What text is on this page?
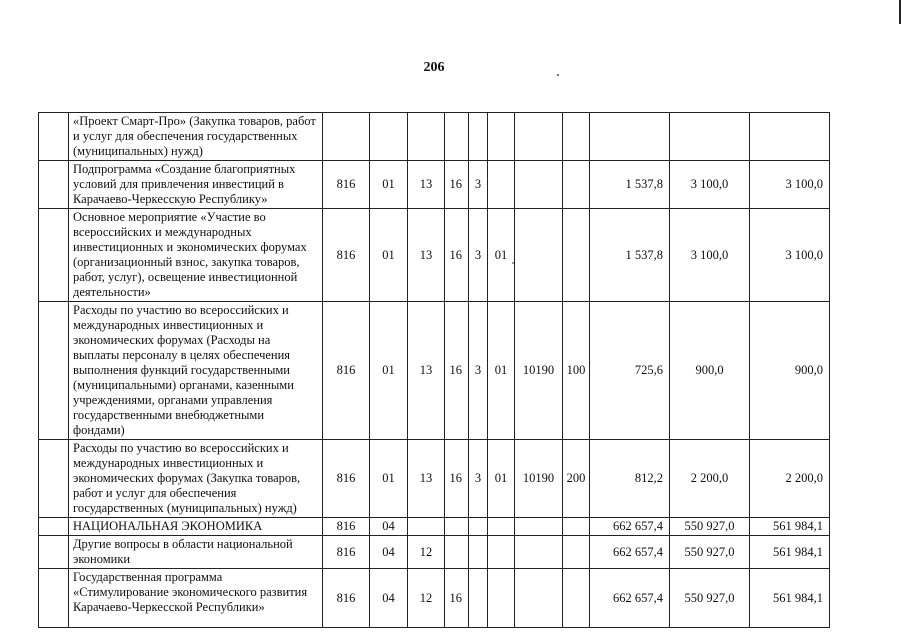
206
	«Проект Смарт-Про» (Закупка товаров, работ и услуг для обеспечения государственных (муниципальных) нужд)											
	Подпрограмма «Создание благоприятных условий для привлечения инвестиций в Карачаево-Черкесскую Республику»	816	01	13	16	3				1 537,8	3 100,0	3 100,0
	Основное мероприятие «Участие во всероссийских и международных инвестиционных и экономических форумах (организационный взнос, закупка товаров, работ, услуг), освещение инвестиционной деятельности»	816	01	13	16	3	01			1 537,8	3 100,0	3 100,0
	Расходы по участию во всероссийских и международных инвестиционных и экономических форумах (Расходы на выплаты персоналу в целях обеспечения выполнения функций государственными (муниципальными) органами, казенными учреждениями, органами управления государственными внебюджетными фондами)	816	01	13	16	3	01	10190	100	725,6	900,0	900,0
	Расходы по участию во всероссийских и международных инвестиционных и экономических форумах (Закупка товаров, работ и услуг для обеспечения государственных (муниципальных) нужд)	816	01	13	16	3	01	10190	200	812,2	2 200,0	2 200,0
	НАЦИОНАЛЬНАЯ ЭКОНОМИКА	816	04							662 657,4	550 927,0	561 984,1
	Другие вопросы в области национальной экономики	816	04	12						662 657,4	550 927,0	561 984,1
	Государственная программа «Стимулирование экономического развития Карачаево-Черкесской Республики»	816	04	12	16					662 657,4	550 927,0	561 984,1
